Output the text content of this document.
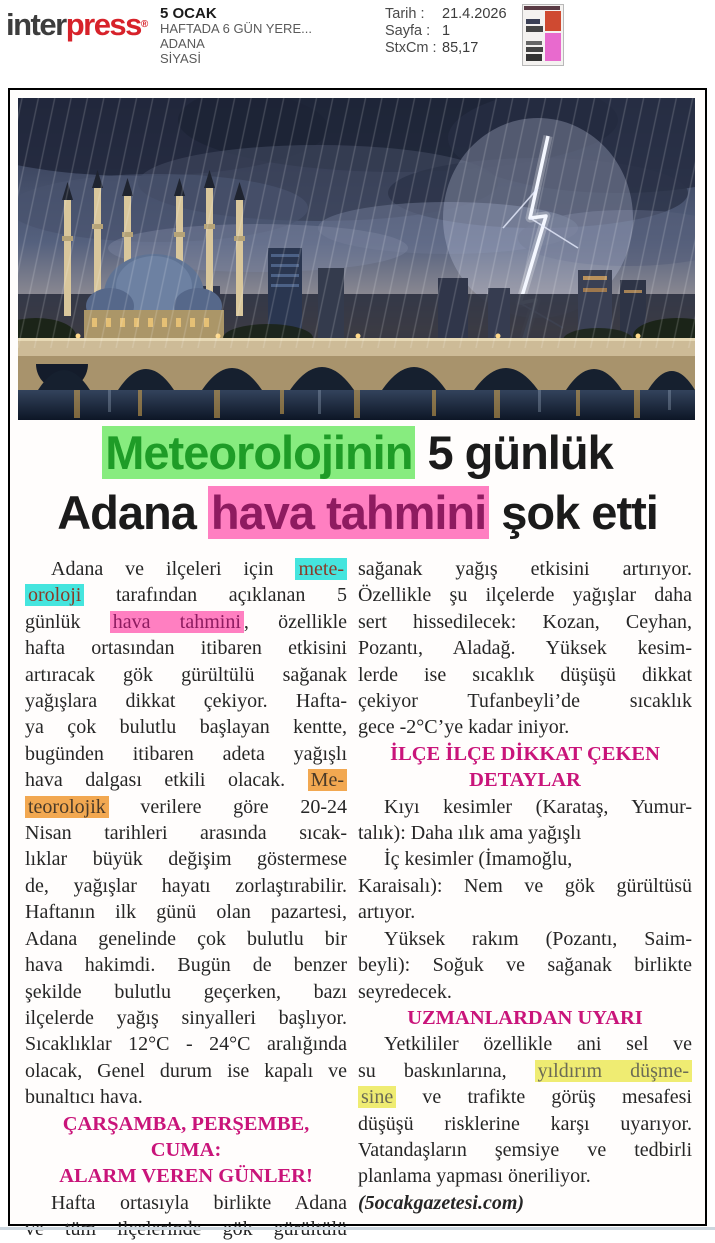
interpress®
5 OCAK
HAFTADA 6 GÜN YERE...
ADANA
SİYASİ
Tarih :	21.4.2026
Sayfa : 1
StxCm : 85,17
Meteorolojinin 5 günlük
Adana hava tahmini şok etti
Adana ve ilçeleri için mete-
oroloji tarafından açıklanan 5
günlük hava tahmini , özellikle
hafta ortasından itibaren etkisini
artıracak gök gürültülü sağanak
yağışlara dikkat çekiyor. Hafta-
ya çok bulutlu başlayan kentte,
bugünden itibaren adeta yağışlı
hava dalgası etkili olacak. Me-
teorolojik verilere göre 20-24
Nisan tarihleri arasında sıcak-
lıklar büyük değişim göstermese
de, yağışlar hayatı zorlaştırabilir.
Haftanın ilk günü olan pazartesi,
Adana genelinde çok bulutlu bir
hava hakimdi. Bugün de benzer
şekilde bulutlu geçerken, bazı
ilçelerde yağış sinyalleri başlıyor.
Sıcaklıklar 12°C - 24°C aralığında
olacak, Genel durum ise kapalı ve
bunaltıcı hava.
ÇARŞAMBA, PERŞEMBE, CUMA:
ALARM VEREN GÜNLER!
Hafta ortasıyla birlikte Adana
sağanak yağış etkisini artırıyor.
Özellikle şu ilçelerde yağışlar daha
sert hissedilecek: Kozan, Ceyhan,
Pozantı, Aladağ. Yüksek kesim-
lerde ise sıcaklık düşüşü dikkat
çekiyor Tufanbeyli’de sıcaklık
gece -2°C’ye kadar iniyor.
İLÇE İLÇE DİKKAT ÇEKEN
DETAYLAR
Kıyı kesimler (Karataş, Yumur-
talık): Daha ılık ama yağışlı
İç kesimler (İmamoğlu,
Karaisalı): Nem ve gök gürültüsü
artıyor.
Yüksek rakım (Pozantı, Saim-
beyli): Soğuk ve sağanak birlikte
seyredecek.
UZMANLARDAN UYARI
Yetkililer özellikle ani sel ve
su baskınlarına, yıldırım düşme-
sine ve trafikte görüş mesafesi
düşüşü risklerine karşı uyarıyor.
Vatandaşların şemsiye ve tedbirli
planlama yapması öneriliyor.
(5ocakgazetesi.com)
